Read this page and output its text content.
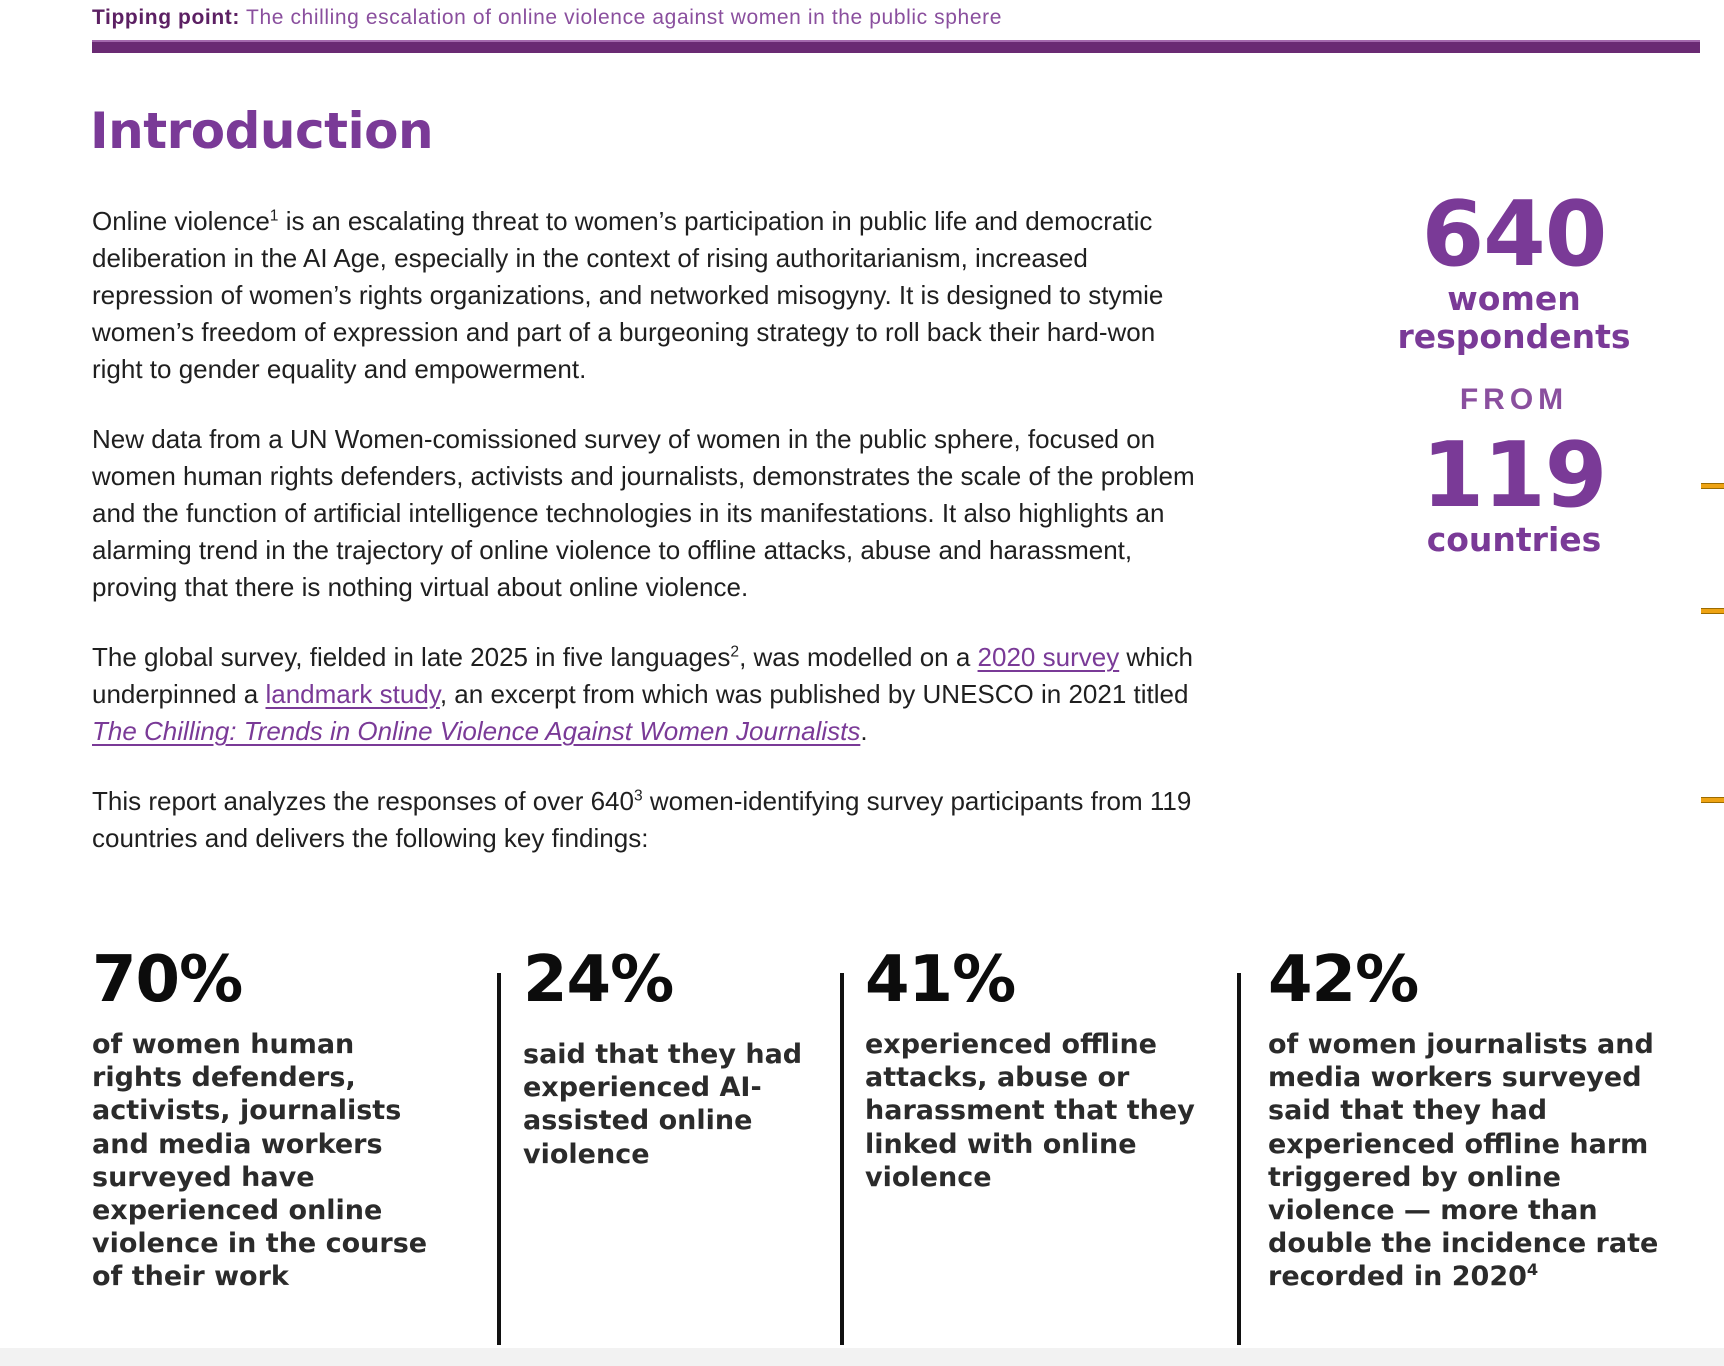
Tipping point: The chilling escalation of online violence against women in the public sphere
Introduction

Online violence$^1$ is an escalating threat to women’s participation in public life and democratic deliberation in the AI Age, especially in the context of rising authoritarianism, increased repression of women’s rights organizations, and networked misogyny. It is designed to stymie women’s freedom of expression and part of a burgeoning strategy to roll back their hard-won right to gender equality and empowerment.

New data from a UN Women-comissioned survey of women in the public sphere, focused on women human rights defenders, activists and journalists, demonstrates the scale of the problem and the function of artificial intelligence technologies in its manifestations. It also highlights an alarming trend in the trajectory of online violence to offline attacks, abuse and harassment, proving that there is nothing virtual about online violence.

The global survey, fielded in late 2025 in five languages$^2$, was modelled on a 2020 survey which underpinned a landmark study, an excerpt from which was published by UNESCO in 2021 titled The Chilling: Trends in Online Violence Against Women Journalists.

This report analyzes the responses of over $640^3$ women-identifying survey participants from 119 countries and delivers the following key findings:

640
women respondents
FROM
119
countries
70%
of women human rights defenders, activists, journalists and media workers surveyed have experienced online violence in the course of their work
24%
said that they had experienced AI-assisted online violence
41%
experienced offline attacks, abuse or harassment that they linked with online violence
42%
of women journalists and media workers surveyed said that they had experienced offline harm triggered by online violence — more than double the incidence rate recorded in 2020$^4$
